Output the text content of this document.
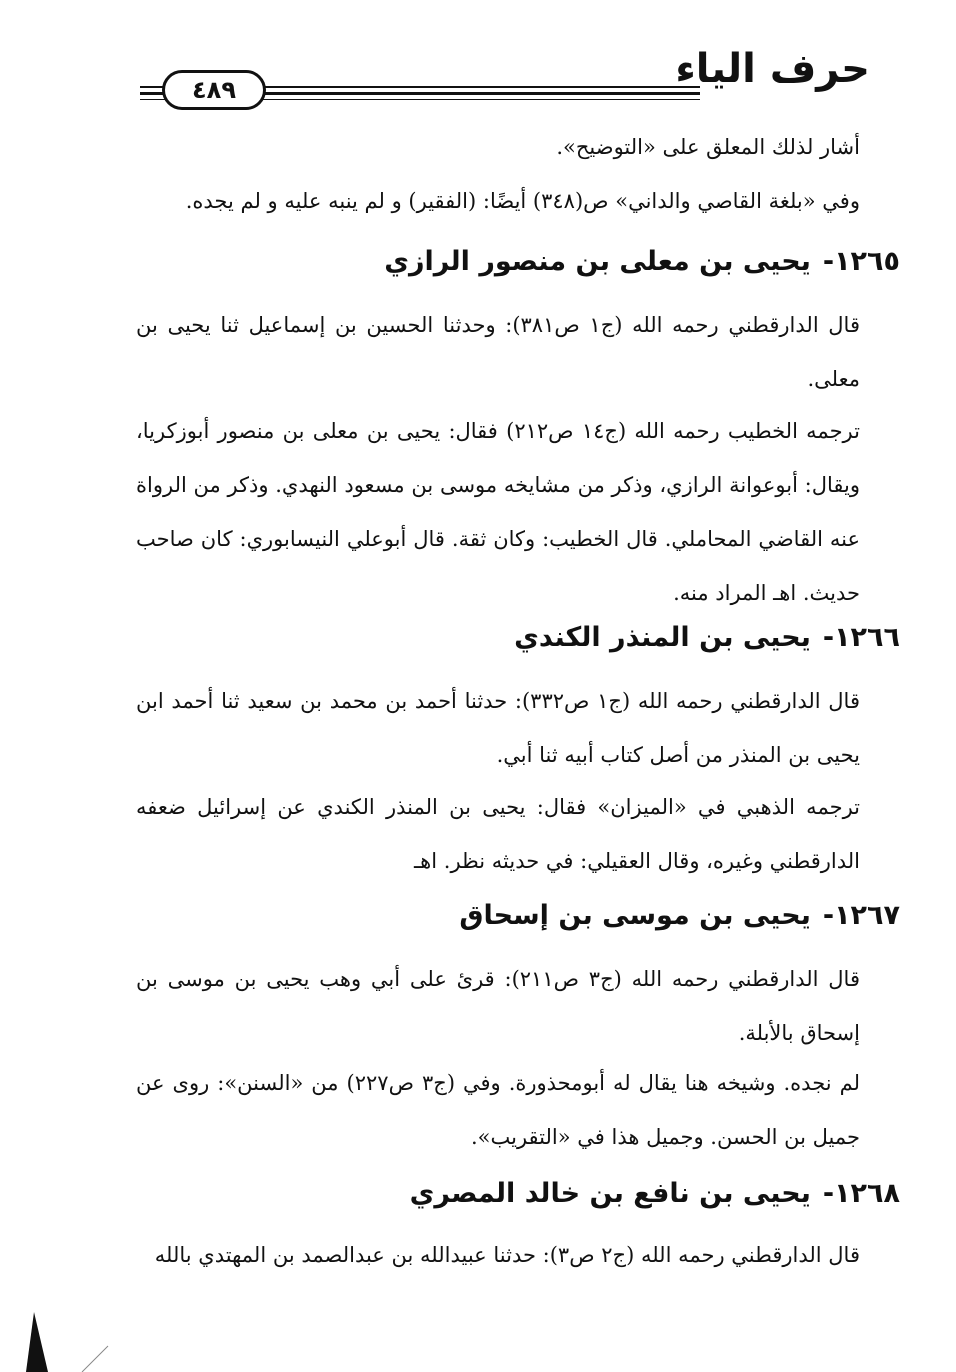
حرف الياء
٤٨٩
أشار لذلك المعلق على «التوضيح».
وفي «بلغة القاصي والداني» ص(٣٤٨) أيضًا: (الفقير) و لم ينبه عليه و لم يجده.
١٢٦٥-يحيى بن معلى بن منصور الرازي
قال الدارقطني رحمه الله (ج١ ص٣٨١): وحدثنا الحسين بن إسماعيل ثنا يحيى بن معلى.
ترجمه الخطيب رحمه الله (ج١٤ ص٢١٢) فقال: يحيى بن معلى بن منصور أبوزكريا، ويقال: أبوعوانة الرازي، وذكر من مشايخه موسى بن مسعود النهدي. وذكر من الرواة عنه القاضي المحاملي. قال الخطيب: وكان ثقة. قال أبوعلي النيسابوري: كان صاحب حديث. اهـ المراد منه.
١٢٦٦-يحيى بن المنذر الكندي
قال الدارقطني رحمه الله (ج١ ص٣٣٢): حدثنا أحمد بن محمد بن سعيد ثنا أحمد ابن يحيى بن المنذر من أصل كتاب أبيه ثنا أبي.
ترجمه الذهبي في «الميزان» فقال: يحيى بن المنذر الكندي عن إسرائيل ضعفه الدارقطني وغيره، وقال العقيلي: في حديثه نظر. اهـ
١٢٦٧-يحيى بن موسى بن إسحاق
قال الدارقطني رحمه الله (ج٣ ص٢١١): قرئ على أبي وهب يحيى بن موسى بن إسحاق بالأبلة.
لم نجده. وشيخه هنا يقال له أبومحذورة. وفي (ج٣ ص٢٢٧) من «السنن»: روى عن جميل بن الحسن. وجميل هذا في «التقريب».
١٢٦٨-يحيى بن نافع بن خالد المصري
قال الدارقطني رحمه الله (ج٢ ص٣): حدثنا عبيدالله بن عبدالصمد بن المهتدي بالله
